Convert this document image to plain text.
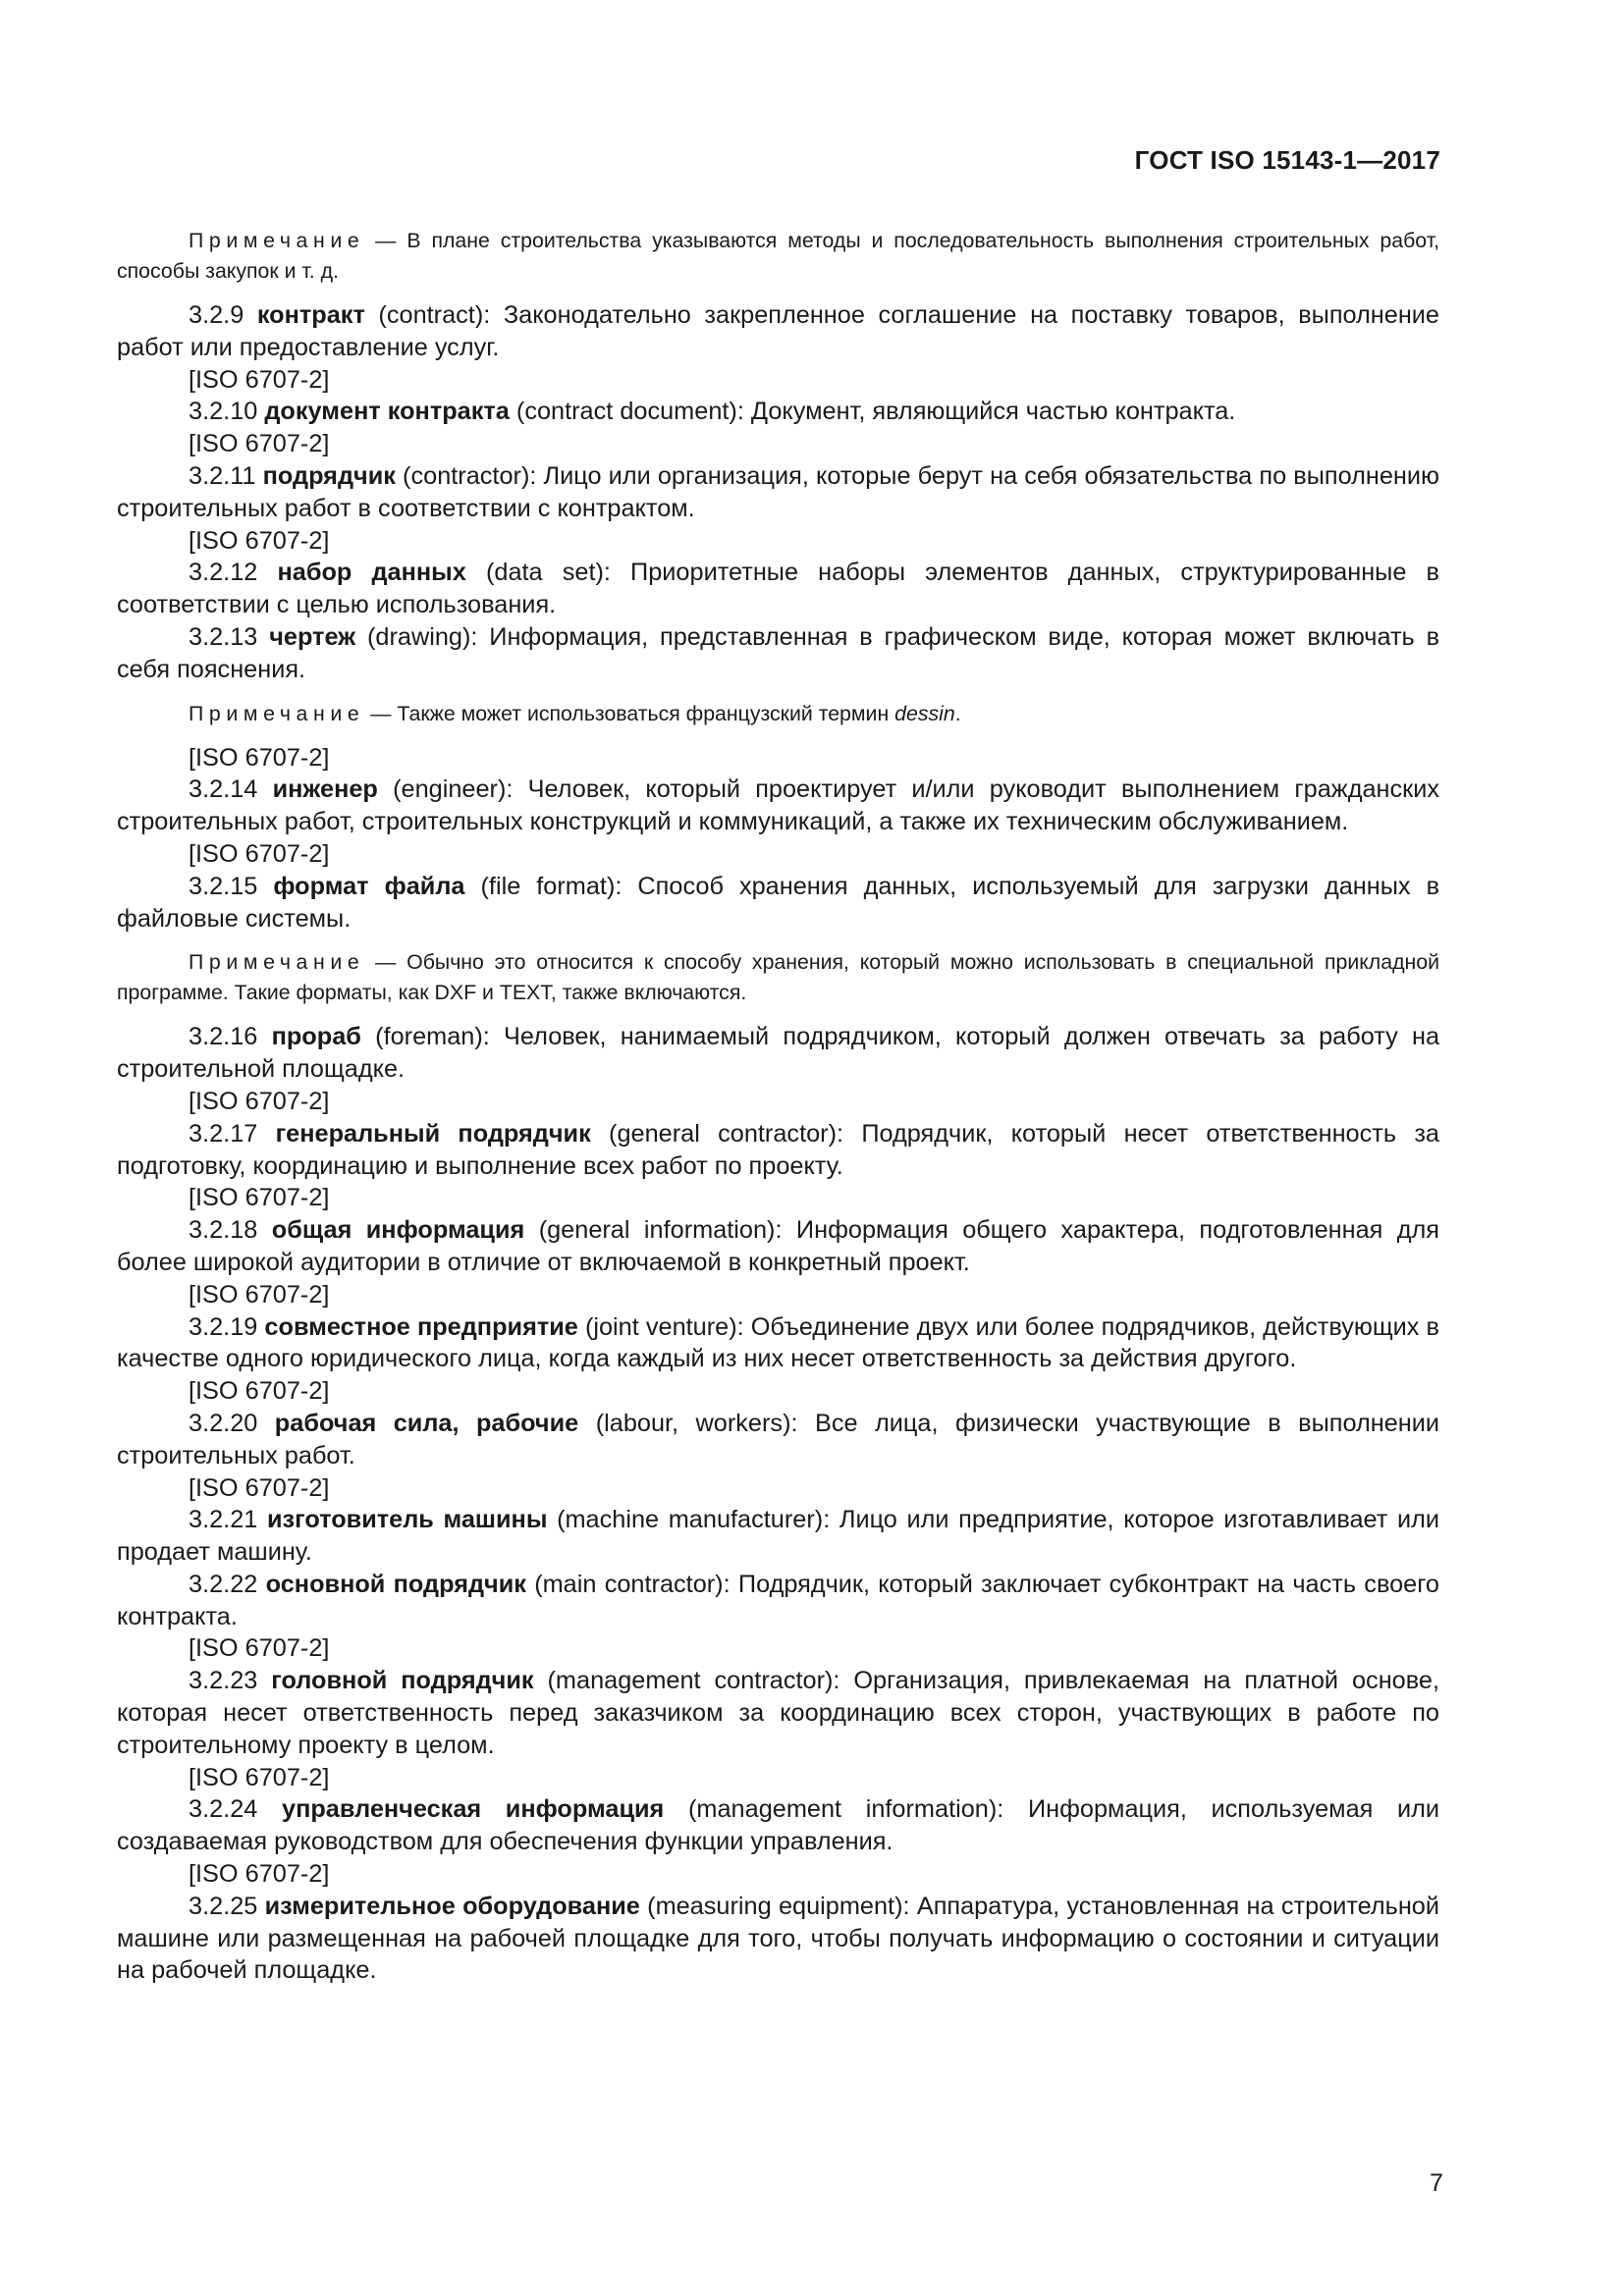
ГОСТ ISO 15143-1—2017

Примечание — В плане строительства указываются методы и последовательность выполнения строительных работ, способы закупок и т. д.

3.2.9 контракт (contract): Законодательно закрепленное соглашение на поставку товаров, выполнение работ или предоставление услуг.

[ISO 6707-2]

3.2.10 документ контракта (contract document): Документ, являющийся частью контракта.

[ISO 6707-2]

3.2.11 подрядчик (contractor): Лицо или организация, которые берут на себя обязательства по выполнению строительных работ в соответствии с контрактом.

[ISO 6707-2]

3.2.12 набор данных (data set): Приоритетные наборы элементов данных, структурированные в соответствии с целью использования.

3.2.13 чертеж (drawing): Информация, представленная в графическом виде, которая может включать в себя пояснения.

Примечание — Также может использоваться французский термин dessin.

[ISO 6707-2]

3.2.14 инженер (engineer): Человек, который проектирует и/или руководит выполнением гражданских строительных работ, строительных конструкций и коммуникаций, а также их техническим обслуживанием.

[ISO 6707-2]

3.2.15 формат файла (file format): Способ хранения данных, используемый для загрузки данных в файловые системы.

Примечание — Обычно это относится к способу хранения, который можно использовать в специальной прикладной программе. Такие форматы, как DXF и TEXT, также включаются.

3.2.16 прораб (foreman): Человек, нанимаемый подрядчиком, который должен отвечать за работу на строительной площадке.

[ISO 6707-2]

3.2.17 генеральный подрядчик (general contractor): Подрядчик, который несет ответственность за подготовку, координацию и выполнение всех работ по проекту.

[ISO 6707-2]

3.2.18 общая информация (general information): Информация общего характера, подготовленная для более широкой аудитории в отличие от включаемой в конкретный проект.

[ISO 6707-2]

3.2.19 совместное предприятие (joint venture): Объединение двух или более подрядчиков, действующих в качестве одного юридического лица, когда каждый из них несет ответственность за действия другого.

[ISO 6707-2]

3.2.20 рабочая сила, рабочие (labour, workers): Все лица, физически участвующие в выполнении строительных работ.

[ISO 6707-2]

3.2.21 изготовитель машины (machine manufacturer): Лицо или предприятие, которое изготавливает или продает машину.

3.2.22 основной подрядчик (main contractor): Подрядчик, который заключает субконтракт на часть своего контракта.

[ISO 6707-2]

3.2.23 головной подрядчик (management contractor): Организация, привлекаемая на платной основе, которая несет ответственность перед заказчиком за координацию всех сторон, участвующих в работе по строительному проекту в целом.

[ISO 6707-2]

3.2.24 управленческая информация (management information): Информация, используемая или создаваемая руководством для обеспечения функции управления.

[ISO 6707-2]

3.2.25 измерительное оборудование (measuring equipment): Аппаратура, установленная на строительной машине или размещенная на рабочей площадке для того, чтобы получать информацию о состоянии и ситуации на рабочей площадке.

7
